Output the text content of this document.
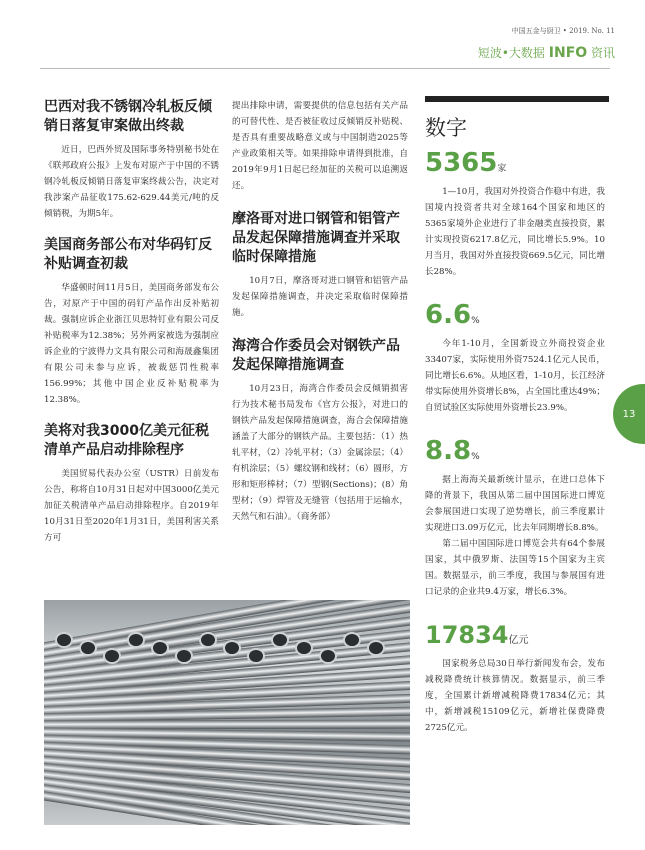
中国五金与厨卫 • 2019. No. 11
短波•大数据 INFO 资讯
巴西对我不锈钢冷轧板反倾销日落复审案做出终裁

近日，巴西外贸及国际事务特别秘书处在《联邦政府公报》上发布对原产于中国的不锈钢冷轧板反倾销日落复审案终裁公告，决定对我涉案产品征收175.62-629.44美元/吨的反倾销税，为期5年。

美国商务部公布对华码钉反补贴调查初裁

华盛顿时间11月5日，美国商务部发布公告，对原产于中国的码钉产品作出反补贴初裁。强制应诉企业浙江贝思特钉业有限公司反补贴税率为12.38%；另外两家被选为强制应诉企业的宁波得力文具有限公司和海晟鑫集团有限公司未参与应诉，被裁惩罚性税率156.99%；其他中国企业反补贴税率为12.38%。

美将对我3000亿美元征税清单产品启动排除程序

美国贸易代表办公室（USTR）日前发布公告，称将自10月31日起对中国3000亿美元加征关税清单产品启动排除程序。自2019年10月31日至2020年1月31日，美国利害关系方可

提出排除申请，需要提供的信息包括有关产品的可替代性、是否被征收过反倾销反补贴税、是否具有重要战略意义或与中国制造2025等产业政策相关等。如果排除申请得到批准，自2019年9月1日起已经加征的关税可以追溯返还。

摩洛哥对进口钢管和铝管产品发起保障措施调查并采取临时保障措施

10月7日，摩洛哥对进口钢管和铝管产品发起保障措施调查，并决定采取临时保障措施。

海湾合作委员会对钢铁产品发起保障措施调查

10月23日，海湾合作委员会反倾销损害行为技术秘书局发布《官方公报》，对进口的钢铁产品发起保障措施调查，海合会保障措施涵盖了大部分的钢铁产品。主要包括：（1）热轧平材，（2）冷轧平材；（3）金属涂层；（4）有机涂层；（5）螺纹钢和线材；（6）圆形，方形和矩形棒材；（7）型钢(Sections)；(8）角型材；（9）焊管及无缝管（包括用于运输水，天然气和石油）。（商务部）

数字

5365家

1—10月，我国对外投资合作稳中有进，我国境内投资者共对全球164个国家和地区的5365家境外企业进行了非金融类直接投资，累计实现投资6217.8亿元，同比增长5.9%。10月当月，我国对外直接投资669.5亿元，同比增长28%。

6.6%

今年1-10月，全国新设立外商投资企业33407家，实际使用外资7524.1亿元人民币，同比增长6.6%。从地区看，1-10月，长江经济带实际使用外资增长8%，占全国比重达49%；自贸试验区实际使用外资增长23.9%。

8.8%

据上海海关最新统计显示，在进口总体下降的背景下，我国从第二届中国国际进口博览会参展国进口实现了逆势增长，前三季度累计实现进口3.09万亿元，比去年同期增长8.8%。

第二届中国国际进口博览会共有64个参展国家，其中俄罗斯、法国等15个国家为主宾国。数据显示，前三季度，我国与参展国有进口记录的企业共9.4万家，增长6.3%。

17834亿元

国家税务总局30日举行新闻发布会，发布减税降费统计核算情况。数据显示，前三季度，全国累计新增减税降费17834亿元；其中，新增减税15109亿元，新增社保费降费2725亿元。

13
